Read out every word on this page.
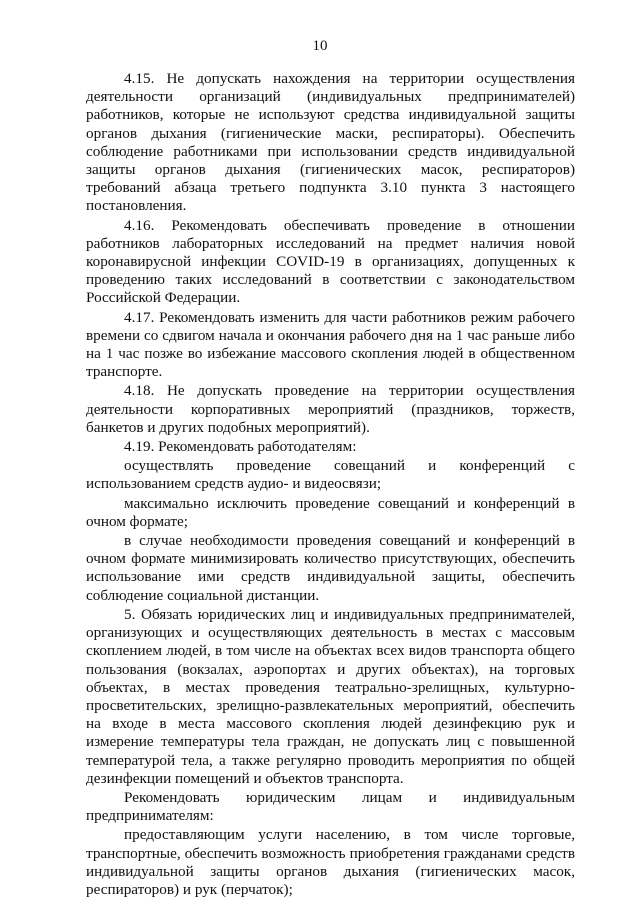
10

4.15. Не допускать нахождения на территории осуществления деятельности организаций (индивидуальных предпринимателей) работников, которые не используют средства индивидуальной защиты органов дыхания (гигиенические маски, респираторы). Обеспечить соблюдение работниками при использовании средств индивидуальной защиты органов дыхания (гигиенических масок, респираторов) требований абзаца третьего подпункта 3.10 пункта 3 настоящего постановления.

4.16. Рекомендовать обеспечивать проведение в отношении работников лабораторных исследований на предмет наличия новой коронавирусной инфекции COVID-19 в организациях, допущенных к проведению таких исследований в соответствии с законодательством Российской Федерации.

4.17. Рекомендовать изменить для части работников режим рабочего времени со сдвигом начала и окончания рабочего дня на 1 час раньше либо на 1 час позже во избежание массового скопления людей в общественном транспорте.

4.18. Не допускать проведение на территории осуществления деятельности корпоративных мероприятий (праздников, торжеств, банкетов и других подобных мероприятий).

4.19. Рекомендовать работодателям:

осуществлять проведение совещаний и конференций с использованием средств аудио- и видеосвязи;

максимально исключить проведение совещаний и конференций в очном формате;

в случае необходимости проведения совещаний и конференций в очном формате минимизировать количество присутствующих, обеспечить использование ими средств индивидуальной защиты, обеспечить соблюдение социальной дистанции.

5. Обязать юридических лиц и индивидуальных предпринимателей, организующих и осуществляющих деятельность в местах с массовым скоплением людей, в том числе на объектах всех видов транспорта общего пользования (вокзалах, аэропортах и других объектах), на торговых объектах, в местах проведения театрально-зрелищных, культурно-просветительских, зрелищно-развлекательных мероприятий, обеспечить на входе в места массового скопления людей дезинфекцию рук и измерение температуры тела граждан, не допускать лиц с повышенной температурой тела, а также регулярно проводить мероприятия по общей дезинфекции помещений и объектов транспорта.

Рекомендовать юридическим лицам и индивидуальным предпринимателям:

предоставляющим услуги населению, в том числе торговые, транспортные, обеспечить возможность приобретения гражданами средств индивидуальной защиты органов дыхания (гигиенических масок, респираторов) и рук (перчаток);
